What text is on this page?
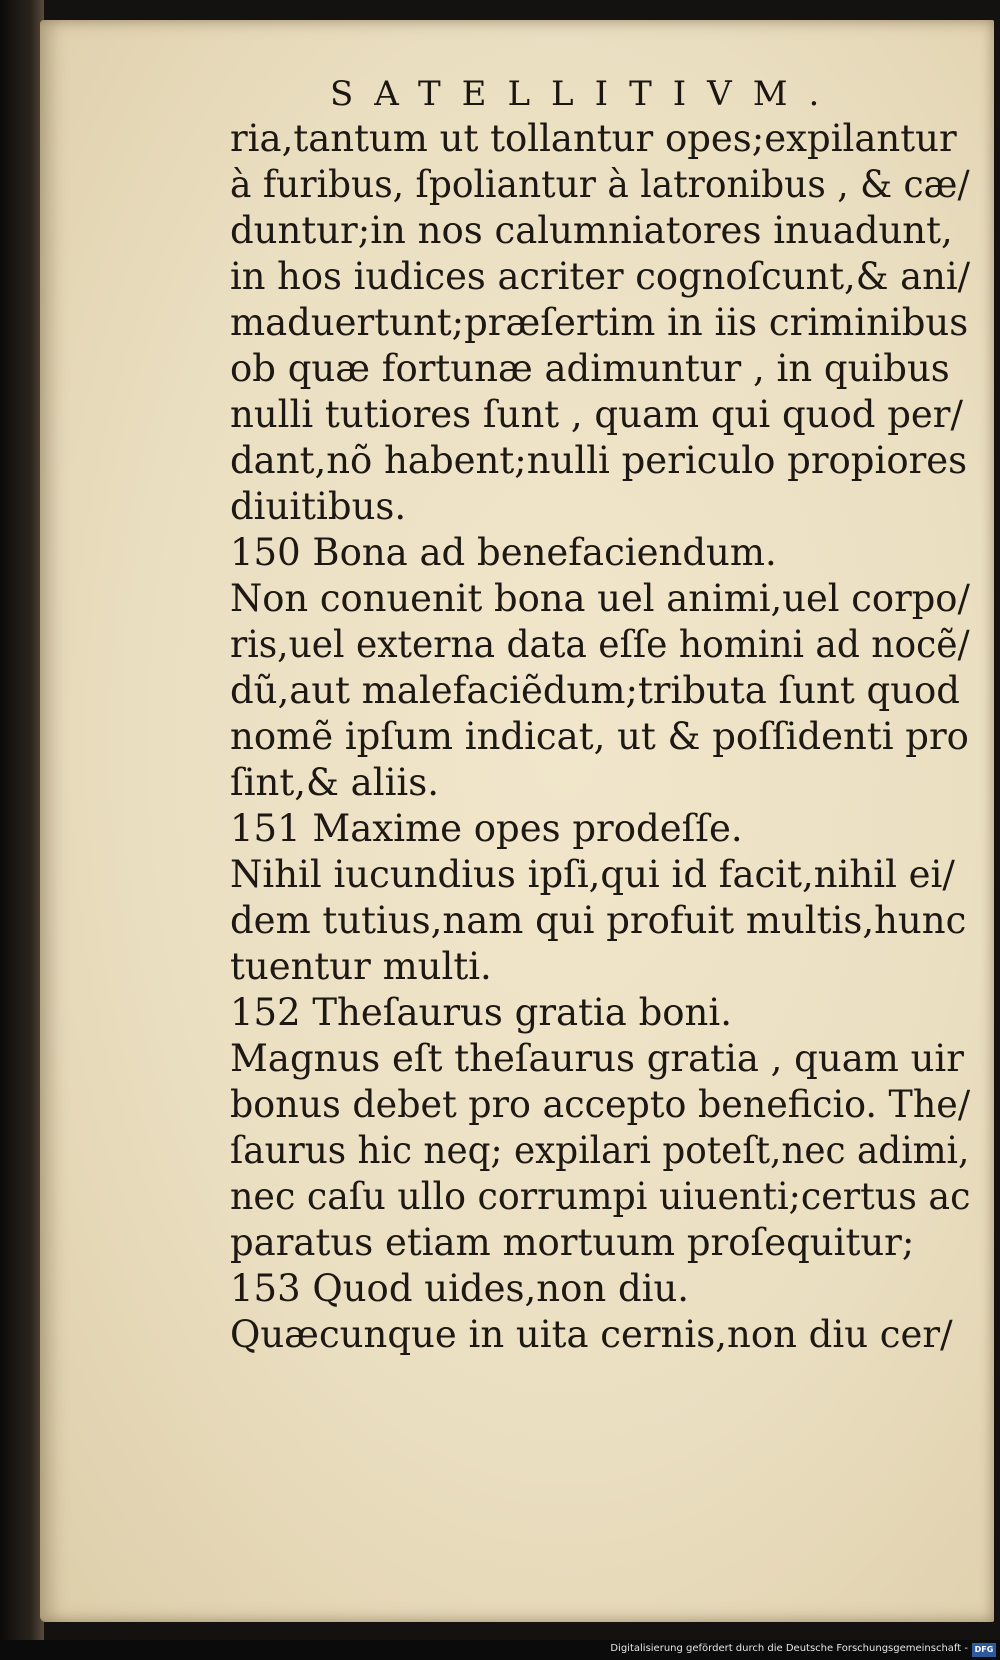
SATELLITIVM.
ria,tantum ut tollantur opes;expilantur
à furibus, ſpoliantur à latronibus , & cæ/
duntur;in nos calumniatores inuadunt,
in hos iudices acriter cognoſcunt,& ani/
maduertunt;præſertim in iis criminibus
ob quæ fortunæ adimuntur , in quibus
nulli tutiores ſunt , quam qui quod per/
dant,nõ habent;nulli periculo propiores
diuitibus.
150 Bona ad benefaciendum.
Non conuenit bona uel animi,uel corpo/
ris,uel externa data eſſe homini ad nocẽ/
dũ,aut malefaciẽdum;tributa ſunt quod
nomẽ ipſum indicat, ut & poſſidenti pro
ſint,& aliis.
151 Maxime opes prodeſſe.
Nihil iucundius ipſi,qui id facit,nihil ei/
dem tutius,nam qui profuit multis,hunc
tuentur multi.
152 Theſaurus gratia boni.
Magnus eſt theſaurus gratia , quam uir
bonus debet pro accepto beneficio. The/
ſaurus hic neq; expilari poteſt,nec adimi,
nec caſu ullo corrumpi uiuenti;certus ac
paratus etiam mortuum proſequitur;
153 Quod uides,non diu.
Quæcunque in uita cernis,non diu cer/
Digitalisierung gefördert durch die Deutsche Forschungsgemeinschaft - DFG
